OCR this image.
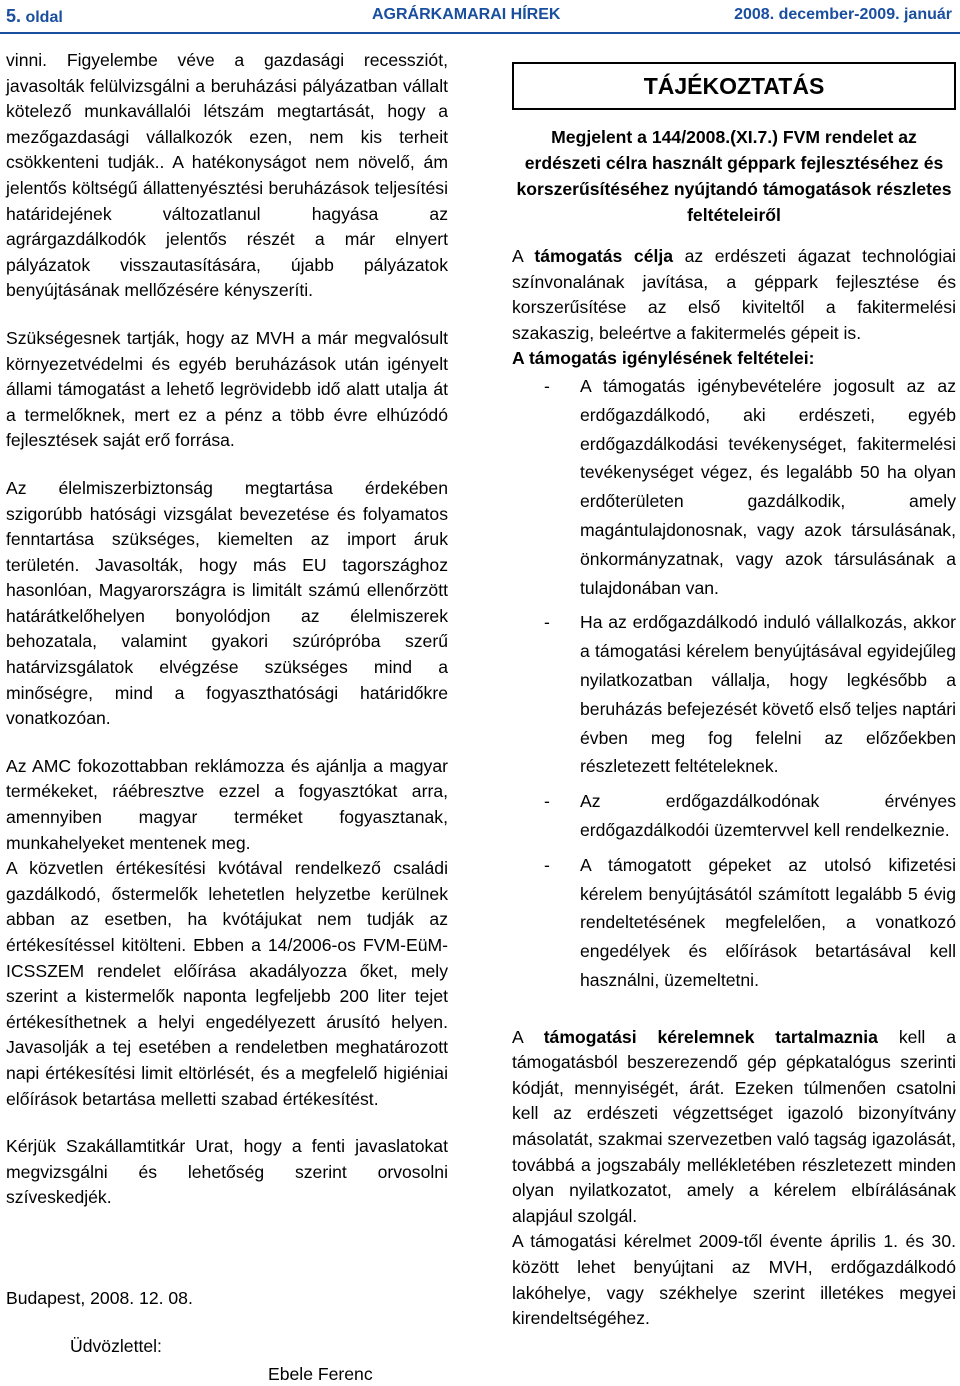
5. oldal	AGRÁRKAMARAI HÍREK	2008. december-2009. január

vinni. Figyelembe véve a gazdasági recessziót, javasolták felülvizsgálni a beruházási pályázatban vállalt kötelező munkavállalói létszám megtartását, hogy a mezőgazdasági vállalkozók ezen, nem kis terheit csökkenteni tudják.. A hatékonyságot nem növelő, ám jelentős költségű állattenyésztési beruházások teljesítési határidejének változatlanul hagyása az agrárgazdálkodók jelentős részét a már elnyert pályázatok visszautasítására, újabb pályázatok benyújtásának mellőzésére kényszeríti.

Szükségesnek tartják, hogy az MVH a már megvalósult környezetvédelmi és egyéb beruházások után igényelt állami támogatást a lehető legrövidebb idő alatt utalja át a termelőknek, mert ez a pénz a több évre elhúzódó fejlesztések saját erő forrása.

Az élelmiszerbiztonság megtartása érdekében szigorúbb hatósági vizsgálat bevezetése és folyamatos fenntartása szükséges, kiemelten az import áruk területén. Javasolták, hogy más EU tagországhoz hasonlóan, Magyarországra is limitált számú ellenőrzött határátkelőhelyen bonyolódjon az élelmiszerek behozatala, valamint gyakori szúrópróba szerű határvizsgálatok elvégzése szükséges mind a minőségre, mind a fogyaszthatósági határidőkre vonatkozóan.

Az AMC fokozottabban reklámozza és ajánlja a magyar termékeket, ráébresztve ezzel a fogyasztókat arra, amennyiben magyar terméket fogyasztanak, munkahelyeket mentenek meg.

A közvetlen értékesítési kvótával rendelkező családi gazdálkodó, őstermelők lehetetlen helyzetbe kerülnek abban az esetben, ha kvótájukat nem tudják az értékesítéssel kitölteni. Ebben a 14/2006-os FVM-EüM-ICSSZEM rendelet előírása akadályozza őket, mely szerint a kistermelők naponta legfeljebb 200 liter tejet értékesíthetnek a helyi engedélyezett árusító helyen. Javasolják a tej esetében a rendeletben meghatározott napi értékesítési limit eltörlését, és a megfelelő higiéniai előírások betartása melletti szabad értékesítést.

Kérjük Szakállamtitkár Urat, hogy a fenti javaslatokat megvizsgálni és lehetőség szerint orvosolni szíveskedjék.

Budapest, 2008. 12. 08.
Üdvözlettel:
Ebele Ferenc
TÁJÉKOZTATÁS
Megjelent a 144/2008.(XI.7.) FVM rendelet az erdészeti célra használt géppark fejlesztéséhez és korszerűsítéséhez nyújtandó támogatások részletes feltételeiről

A támogatás célja az erdészeti ágazat technológiai színvonalának javítása, a géppark fejlesztése és korszerűsítése az első kiviteltől a fakitermelési szakaszig, beleértve a fakitermelés gépeit is.

A támogatás igénylésének feltételei:

- A támogatás igénybevételére jogosult az az erdőgazdálkodó, aki erdészeti, egyéb erdőgazdálkodási tevékenységet, fakitermelési tevékenységet végez, és legalább 50 ha olyan erdőterületen gazdálkodik, amely magántulajdonosnak, vagy azok társulásának, önkormányzatnak, vagy azok társulásának a tulajdonában van.
- Ha az erdőgazdálkodó induló vállalkozás, akkor a támogatási kérelem benyújtásával egyidejűleg nyilatkozatban vállalja, hogy legkésőbb a beruházás befejezését követő első teljes naptári évben meg fog felelni az előzőekben részletezett feltételeknek.
- Az erdőgazdálkodónak érvényes erdőgazdálkodói üzemtervvel kell rendelkeznie.
- A támogatott gépeket az utolsó kifizetési kérelem benyújtásától számított legalább 5 évig rendeltetésének megfelelően, a vonatkozó engedélyek és előírások betartásával kell használni, üzemeltetni.

A támogatási kérelemnek tartalmaznia kell a támogatásból beszerezendő gép gépkatalógus szerinti kódját, mennyiségét, árát. Ezeken túlmenően csatolni kell az erdészeti végzettséget igazoló bizonyítvány másolatát, szakmai szervezetben való tagság igazolását, továbbá a jogszabály mellékletében részletezett minden olyan nyilatkozatot, amely a kérelem elbírálásának alapjául szolgál.

A támogatási kérelmet 2009-től évente április 1. és 30. között lehet benyújtani az MVH, erdőgazdálkodó lakóhelye, vagy székhelye szerint illetékes megyei kirendeltségéhez.
